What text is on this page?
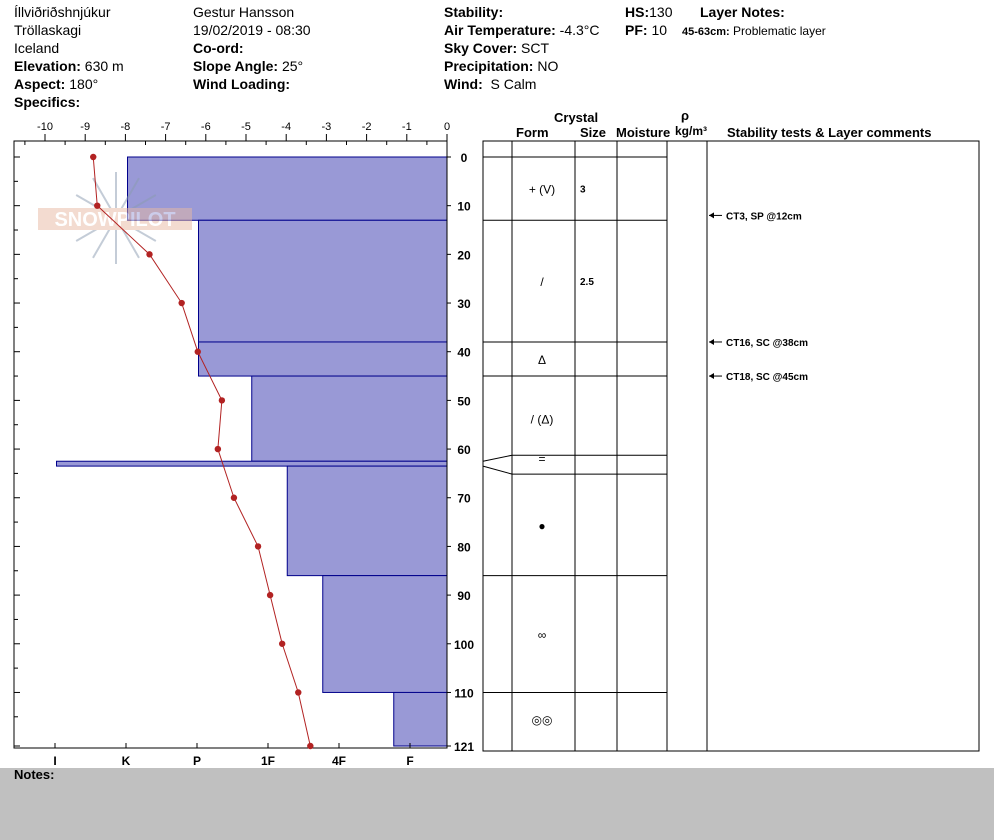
Íllviðriðshnjúkur
Tröllaskagi
Iceland
Elevation: 630 m
Aspect: 180°
Specifics:
Gestur Hansson
19/02/2019 - 08:30
Co-ord:
Slope Angle: 25°
Wind Loading:
Stability:
Air Temperature: -4.3°C
Sky Cover: SCT
Precipitation: NO
Wind: S Calm
HS:130
PF: 10
Layer Notes:
45-63cm: Problematic layer
Crystal
Form Size Moisture
ρ
kg/m³ Stability tests & Layer comments
SNOWPILOT
-10 -9	-8	-7	-6	-5	-4	-3	-2	-1	0
0
10
20
30
40
50
60
70
80
90
100
110
121
I	K	P	1F	4F	F
+ (V) 3
/	2.5
Δ
/ (Δ)
=
●
∞
◎◎
CT3, SP @12cm
CT16, SC @38cm
CT18, SC @45cm
Notes:
